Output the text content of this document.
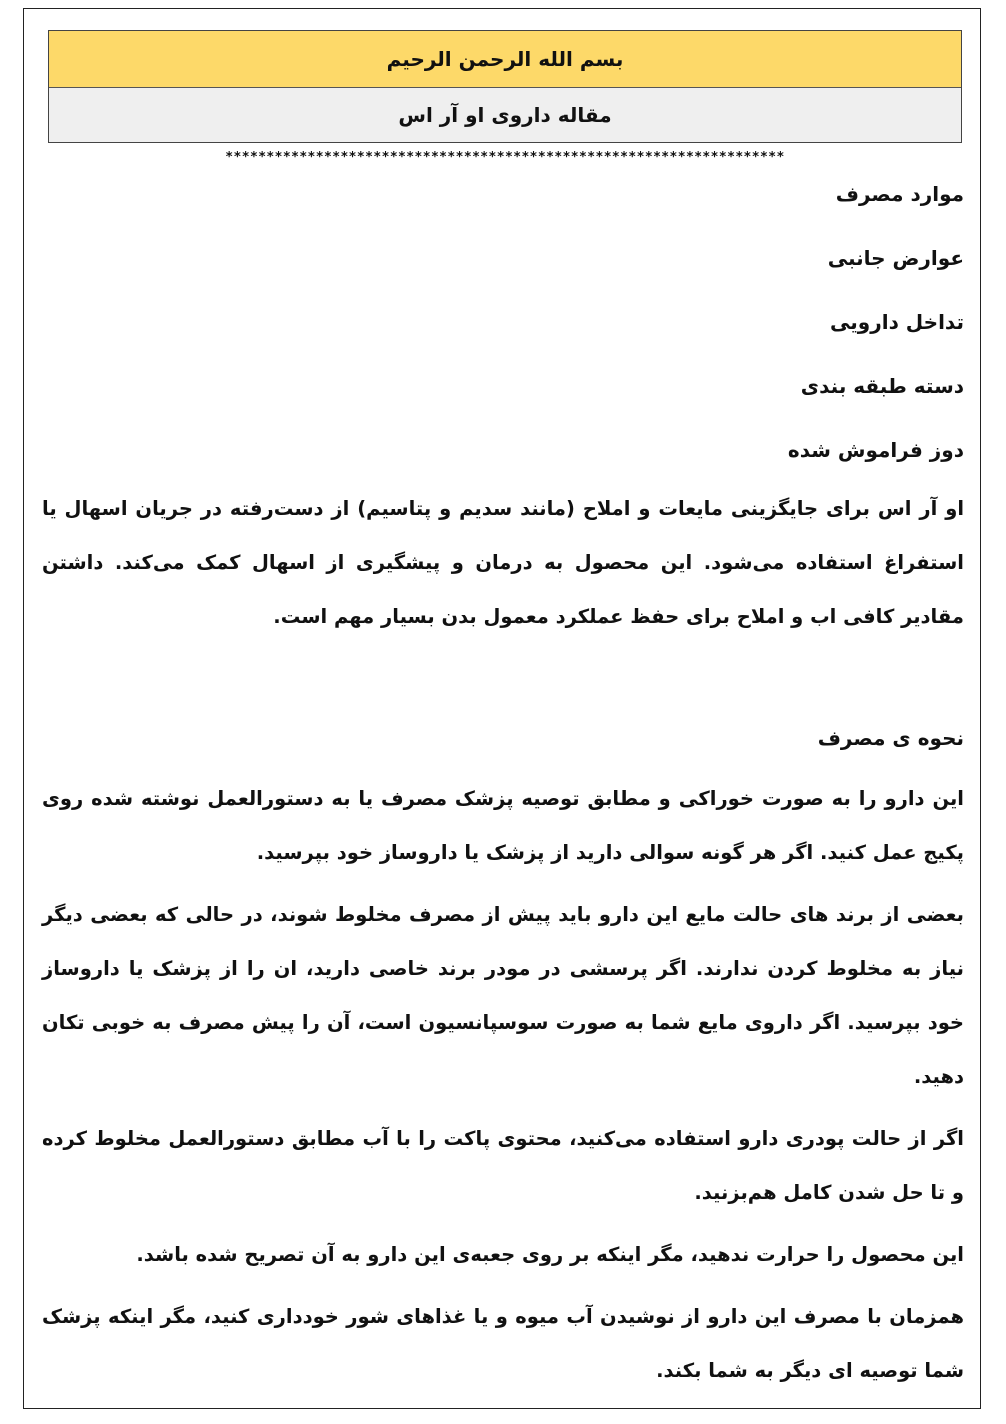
بسم الله الرحمن الرحيم
مقاله داروی او آر اس
********************************************************************
موارد مصرف
عوارض جانبی
تداخل دارویی
دسته طبقه بندی
دوز فراموش شده

او آر اس برای جایگزینی مایعات و املاح (مانند سدیم و پتاسیم) از دست‌رفته در جریان اسهال یا استفراغ استفاده می‌شود. این محصول به درمان و پیشگیری از اسهال کمک می‌کند. داشتن مقادیر کافی اب و املاح برای حفظ عملکرد معمول بدن بسیار مهم است.

نحوه ی مصرف

این دارو را به صورت خوراکی و مطابق توصیه پزشک مصرف یا به دستورالعمل نوشته شده روی پکیج عمل کنید. اگر هر گونه سوالی دارید از پزشک یا داروساز خود بپرسید.

بعضی از برند های حالت مایع این دارو باید پیش از مصرف مخلوط شوند، در حالی که بعضی دیگر نیاز به مخلوط کردن ندارند. اگر پرسشی در مودر برند خاصی دارید، ان را از پزشک یا داروساز خود بپرسید. اگر داروی مایع شما به صورت سوسپانسیون است، آن را پیش مصرف به خوبی تکان دهید.

اگر از حالت پودری دارو استفاده می‌کنید، محتوی پاکت را با آب مطابق دستورالعمل مخلوط کرده و تا حل شدن کامل هم‌بزنید.

این محصول را حرارت ندهید، مگر اینکه بر روی جعبه‌ی این دارو به آن تصریح شده باشد.

همزمان با مصرف این دارو از نوشیدن آب میوه و یا غذاهای شور خودداری کنید، مگر اینکه پزشک شما توصیه ای دیگر به شما بکند.
